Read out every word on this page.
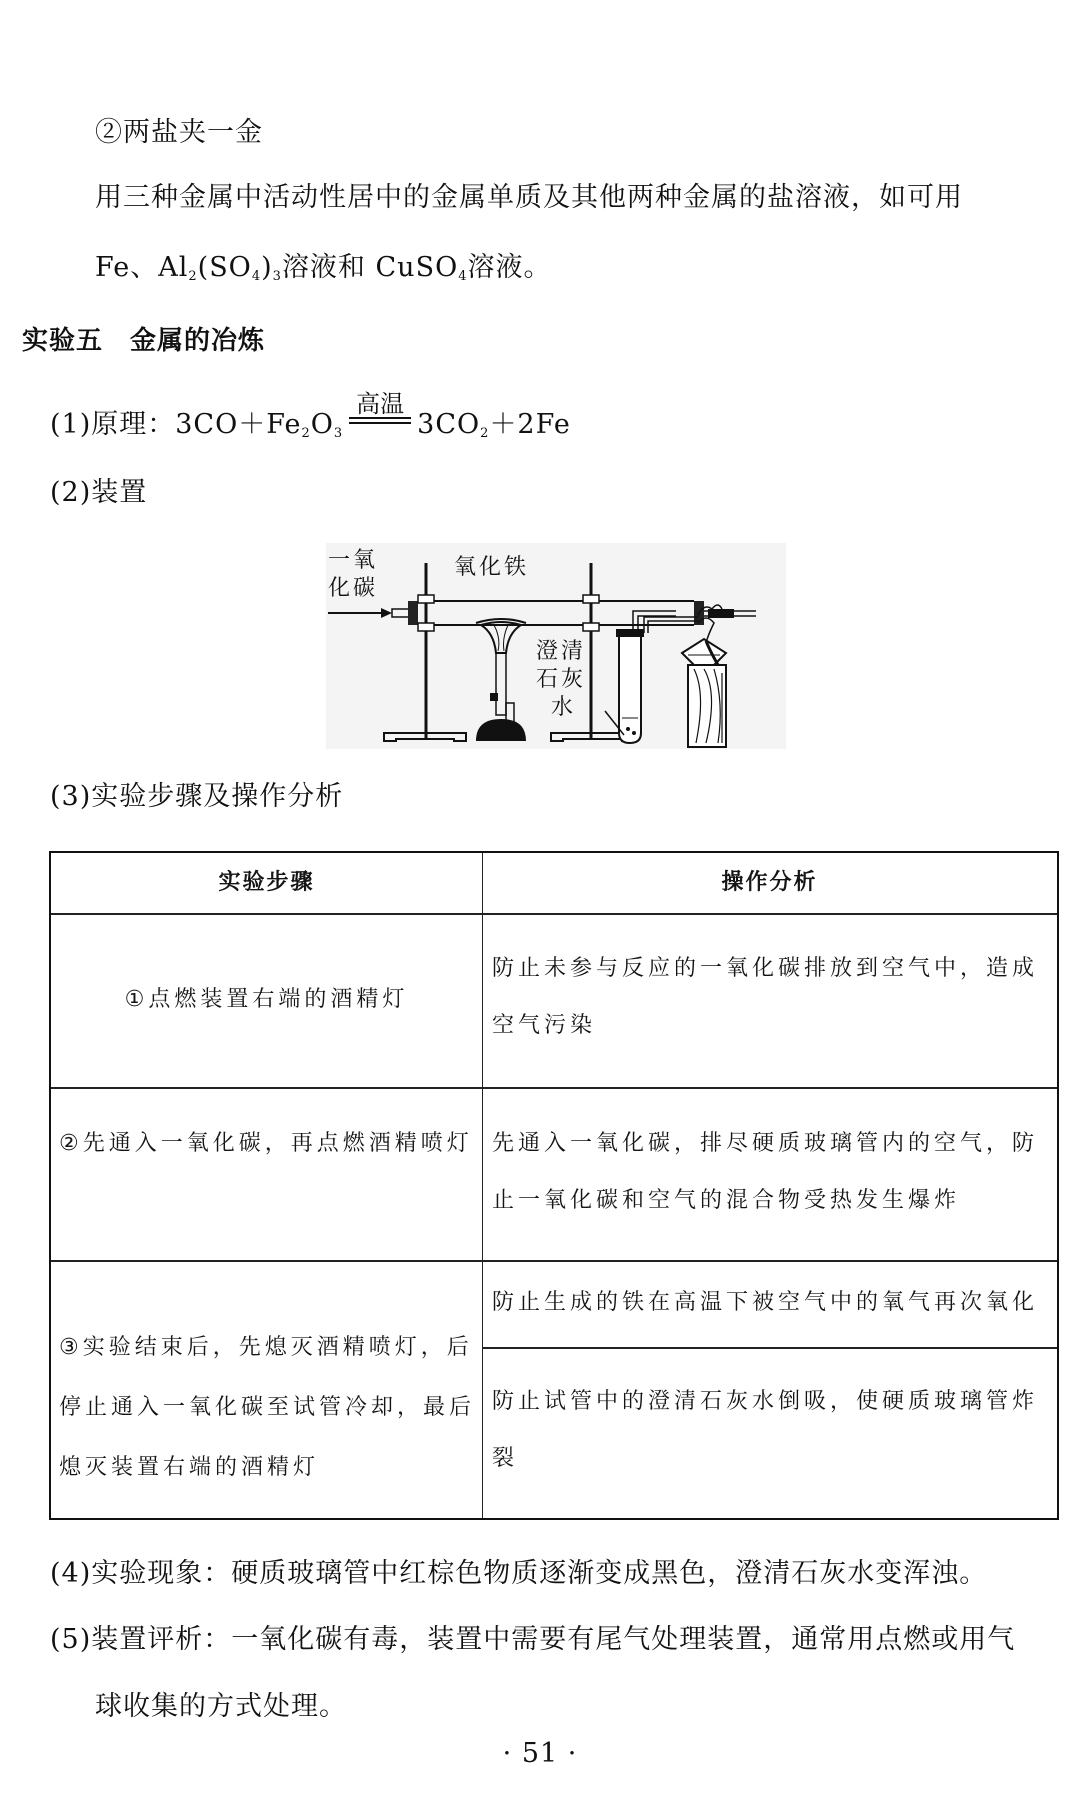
②两盐夹一金
用三种金属中活动性居中的金属单质及其他两种金属的盐溶液，如可用
Fe、$Al_2(SO_4)_3$溶液和 CuSO$_4$溶液。
实验五　金属的冶炼
(1)原理：$3CO+Fe_2O_3$
高温
$3CO_2+2Fe$
(2)装置
一氧
化碳
氧化铁
澄清
石灰
水
(3)实验步骤及操作分析
实验步骤	操作分析
①点燃装置右端的酒精灯
防止未参与反应的一氧化碳排放到空气中，造成空气污染
②先通入一氧化碳，再点燃酒精喷灯 先通入一氧化碳，排尽硬质玻璃管内的空气，防止一氧化碳和空气的混合物受热发生爆炸
③实验结束后，先熄灭酒精喷灯，后停止通入一氧化碳至试管冷却，最后熄灭装置右端的酒精灯
防止生成的铁在高温下被空气中的氧气再次氧化
防止试管中的澄清石灰水倒吸，使硬质玻璃管炸裂
(4)实验现象：硬质玻璃管中红棕色物质逐渐变成黑色，澄清石灰水变浑浊。
(5)装置评析：一氧化碳有毒，装置中需要有尾气处理装置，通常用点燃或用气
球收集的方式处理。
· 51 ·
